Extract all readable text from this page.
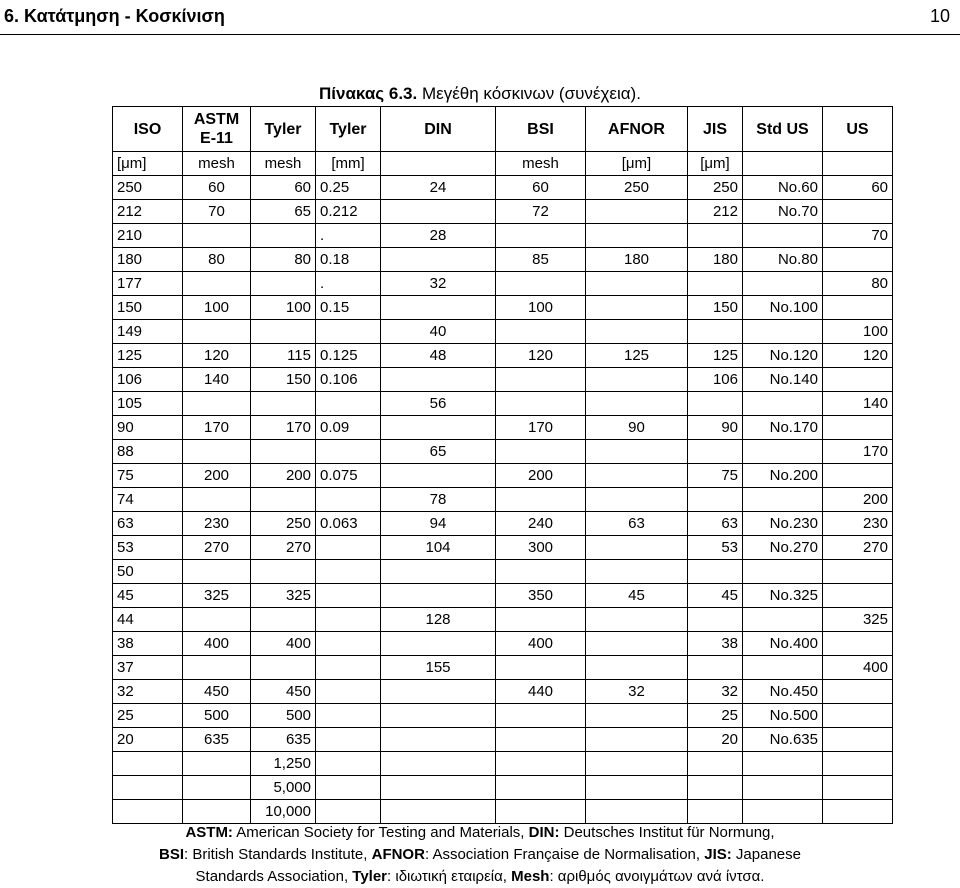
6. Κατάτμηση - Κοσκίνιση	10
Πίνακας 6.3. Μεγέθη κόσκινων (συνέχεια).
ISO	ASTM E-11	Tyler	Tyler	DIN	BSI	AFNOR	JIS	Std US	US
[μm]	mesh	mesh	[mm]		mesh	[μm]	[μm]		
250	60	60	0.25	24	60	250	250	No.60	60
212	70	65	0.212		72		212	No.70	
210			.	28					70
180	80	80	0.18		85	180	180	No.80	
177			.	32					80
150	100	100	0.15		100		150	No.100	
149				40					100
125	120	115	0.125	48	120	125	125	No.120	120
106	140	150	0.106				106	No.140	
105				56					140
90	170	170	0.09		170	90	90	No.170	
88				65					170
75	200	200	0.075		200		75	No.200	
74				78					200
63	230	250	0.063	94	240	63	63	No.230	230
53	270	270		104	300		53	No.270	270
50									
45	325	325			350	45	45	No.325	
44				128					325
38	400	400			400		38	No.400	
37				155					400
32	450	450			440	32	32	No.450	
25	500	500					25	No.500	
20	635	635					20	No.635	
		1,250							
		5,000							
		10,000							
ASTM: American Society for Testing and Materials, DIN: Deutsches Institut für Normung,
BSI: British Standards Institute, AFNOR: Association Française de Normalisation, JIS: Japanese
Standards Association, Tyler: ιδιωτική εταιρεία, Mesh: αριθμός ανοιγμάτων ανά ίντσα.
